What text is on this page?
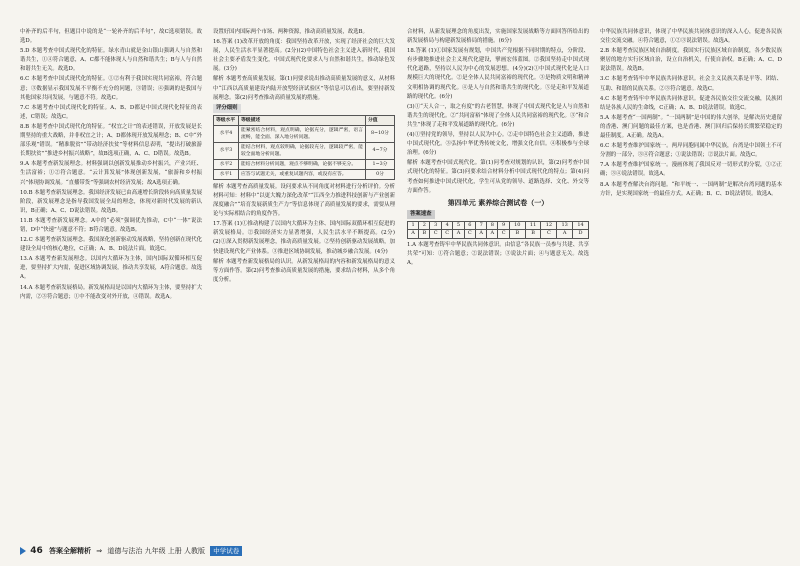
中补齐的后半句，但题目中说的是“一轮补齐的后半句”，故C选项错误。故选D。
5.D 本题考查中国式现代化的特征。绿水青山就是金山银山强调人与自然和谐共生，①④符合题意，A、C都不能体现人与自然和谐共生；B与人与自然和谐共生无关。故选D。
6.C 本题考查中国式现代化的特征。①②有利于我国实现共同富裕，符合题意；③数据显示我国发展不平衡不充分的问题，③错误；④强调的是我国与其他国家共同发展，与题意不符。故选C。
7.C 本题考查中国式现代化的特征。A、B、D都是中国式现代化特征的表述，C错误；故选C。
8.B 本题考查中国式现代化的特征。“权宜之计”的表述错误，开放发展是长期坚持的重大战略，并非权宜之计；A、D都体现开放发展理念；B、C中“外部乐观”错误。“精准脱贫”“带动经济扶贫”等材料信息表明，“提出打破旅游长期扶贫”“推进乡村振兴战略”，故B选项正确，A、C、D错误。故选B。
9.A 本题考查新发展理念。材料强调以创新发展推动乡村振兴，产业兴旺、生活富裕；①②符合题意。“云计算发展”体现创新发展，“旅游和乡村振兴”体现协调发展。“直播带货”等强调农村经济发展；故A选项正确。
10.B 本题考查新发展理念。我国经济发展已由高速增长阶段转向高质量发展阶段，新发展理念是指导我国发展全局的理念，体现对新时代发展的新认识，B正确；A、C、D说法错误。故选B。
11.B 本题考查新发展理念。A中的“必须”强调优先推动，C中“一体”说法错，D中“快速”与题意不符；B符合题意。故选B。
12.C 本题考查新发展理念。我国深化创新驱动发展战略，坚持创新在现代化建设全局中的核心地位，C正确；A、B、D说法片面。故选C。
13.A 本题考查新发展理念。以国内大循环为主体，国内国际双循环相互促进，要坚持扩大内需，促进区域协调发展，推动共享发展，A符合题意。故选A。
14.A 本题考查新发展格局。新发展格局是以国内大循环为主体，要坚持扩大内需，②③符合题意；①中不能改变对外开放，④错误。故选A。
设置好国内国际两个市场、两种资源，推动高质量发展，故选B。
16.答案 (1)改革开放的角度：我国坚持改革开放，实现了经济社会的巨大发展，人民生活水平显著提高。(2分)(2)中国特色社会主义进入新时代，我国社会主要矛盾发生变化，中国式现代化要求人与自然和谐共生，推动绿色发展。(3分)
解析 本题考查高质量发展。第(1)问要求说出推动高质量发展的意义，从材料中“江西以高质量建设内陆开放型经济试验区”等信息可以看出，要坚持新发展理念。第(2)问考查推动高质量发展的措施。
评分细则
等级水平	等级描述	分值
水平4	能紧密结合材料，观点明确，论据充分，逻辑严密，语言流畅，能全面、深入地分析问题。	8~10分
水平3	能结合材料，观点较明确，论据较充分，逻辑较严密，能较全面地分析问题。	4~7分
水平2	能结合材料分析问题，观点不够明确，论据不够充分。	1~3分
水平1	应答与试题无关，或重复试题内容，或没有应答。	0分
解析 本题考查高质量发展。设问要求从不同角度对材料进行分析评价。分析材料可知：材料中“以更大魄力深化改革”“江西全力推进科技创新与产业创新深度融合”“培育发展新质生产力”等信息体现了高质量发展的要求，需要从理论与实际相结合的角度作答。
17.答案 (1)①推动构建了以国内大循环为主体、国内国际双循环相互促进的新发展格局。②我国经济实力显著增强，人民生活水平不断提高。(2分)(2)①深入贯彻新发展理念，推动高质量发展。②坚持创新驱动发展战略，加快建设现代化产业体系。③推进区域协调发展，推动城乡融合发展。(4分)
解析 本题考查新发展格局的认识。从新发展格局的内容和新发展格局的意义等方面作答。第(2)问考查推动高质量发展的措施，要求结合材料，从多个角度分析。
合材料，从新发展理念的角度出发，实施国家发展战略等方面回答所给出的新发展格局与构建新发展格局的措施。(6分)
18.答案 (1)①国家发展有规划，中国共产党根据不同时期的特点，分阶段、有步骤地推进社会主义现代化建设，擘画宏伟蓝图。②我国坚持走中国式现代化道路，坚持以人民为中心的发展思想。(4分)(2)①中国式现代化是人口规模巨大的现代化。②是全体人民共同富裕的现代化。③是物质文明和精神文明相协调的现代化。④是人与自然和谐共生的现代化。⑤是走和平发展道路的现代化。(6分)
(3)①“天人合一，取之有度”的古老智慧，体现了中国式现代化是人与自然和谐共生的现代化。②“共同富裕”体现了全体人民共同富裕的现代化。③“和合共生”体现了走和平发展道路的现代化。(6分)
(4)①坚持党的领导，坚持以人民为中心。②走中国特色社会主义道路，推进中国式现代化。③弘扬中华优秀传统文化，增强文化自信。④积极参与全球治理。(6分)
解析 本题考查中国式现代化。第(1)问考查对规划的认识，第(2)问考查中国式现代化的特征。第(3)问要求结合材料分析中国式现代化的特点；第(4)问考查如何推进中国式现代化，学生可从党的领导、道路选择、文化、外交等方面作答。
第四单元 素养综合测试卷（一）
答案速查
1	2	3	4	5	6	7	8	9	10	11	12	13	14
A	B	C	C	A	C	A	A	C	B	B	C	A	D
1.A 本题考查铸牢中华民族共同体意识。由信息“各民族一员参与共建、共享共荣”可知：①符合题意；②说法错误；③说法片面；④与题意无关。故选A。
中华民族共同体意识，体现了中华民族共同体意识的深入人心，促进各民族交往交流交融。④符合题意，①②③说法错误。故选A。
2.B 本题考查民族区域自治制度。我国实行民族区域自治制度，各少数民族聚居的地方实行区域自治，设立自治机关，行使自治权。B正确；A、C、D说法错误。故选B。
3.C 本题考查铸牢中华民族共同体意识。社会主义民族关系是平等、团结、互助、和谐的民族关系。②③符合题意。故选C。
4.C 本题考查铸牢中华民族共同体意识。促进各民族交往交流交融，民族团结是各族人民的生命线，C正确；A、B、D说法错误。故选C。
5.A 本题考查“一国两制”。“一国两制”是中国的伟大创举，是解决历史遗留的香港、澳门问题的最佳方案，也是香港、澳门回归后保持长期繁荣稳定的最佳制度。A正确。故选A。
6.C 本题考查维护国家统一。两岸同胞同属中华民族，台湾是中国领土不可分割的一部分，③④符合题意；①说法错误；②说法片面。故选C。
7.A 本题考查维护国家统一。漫画体现了我国反对一切形式的分裂，①②正确；③④说法错误。故选A。
8.A 本题考查解决台湾问题。“和平统一、一国两制”是解决台湾问题的基本方针，是实现国家统一的最佳方式。A正确；B、C、D说法错误。故选A。
46 答案全解精析 ⇒ 道德与法治 九年级 上册 人教版 中学试卷
